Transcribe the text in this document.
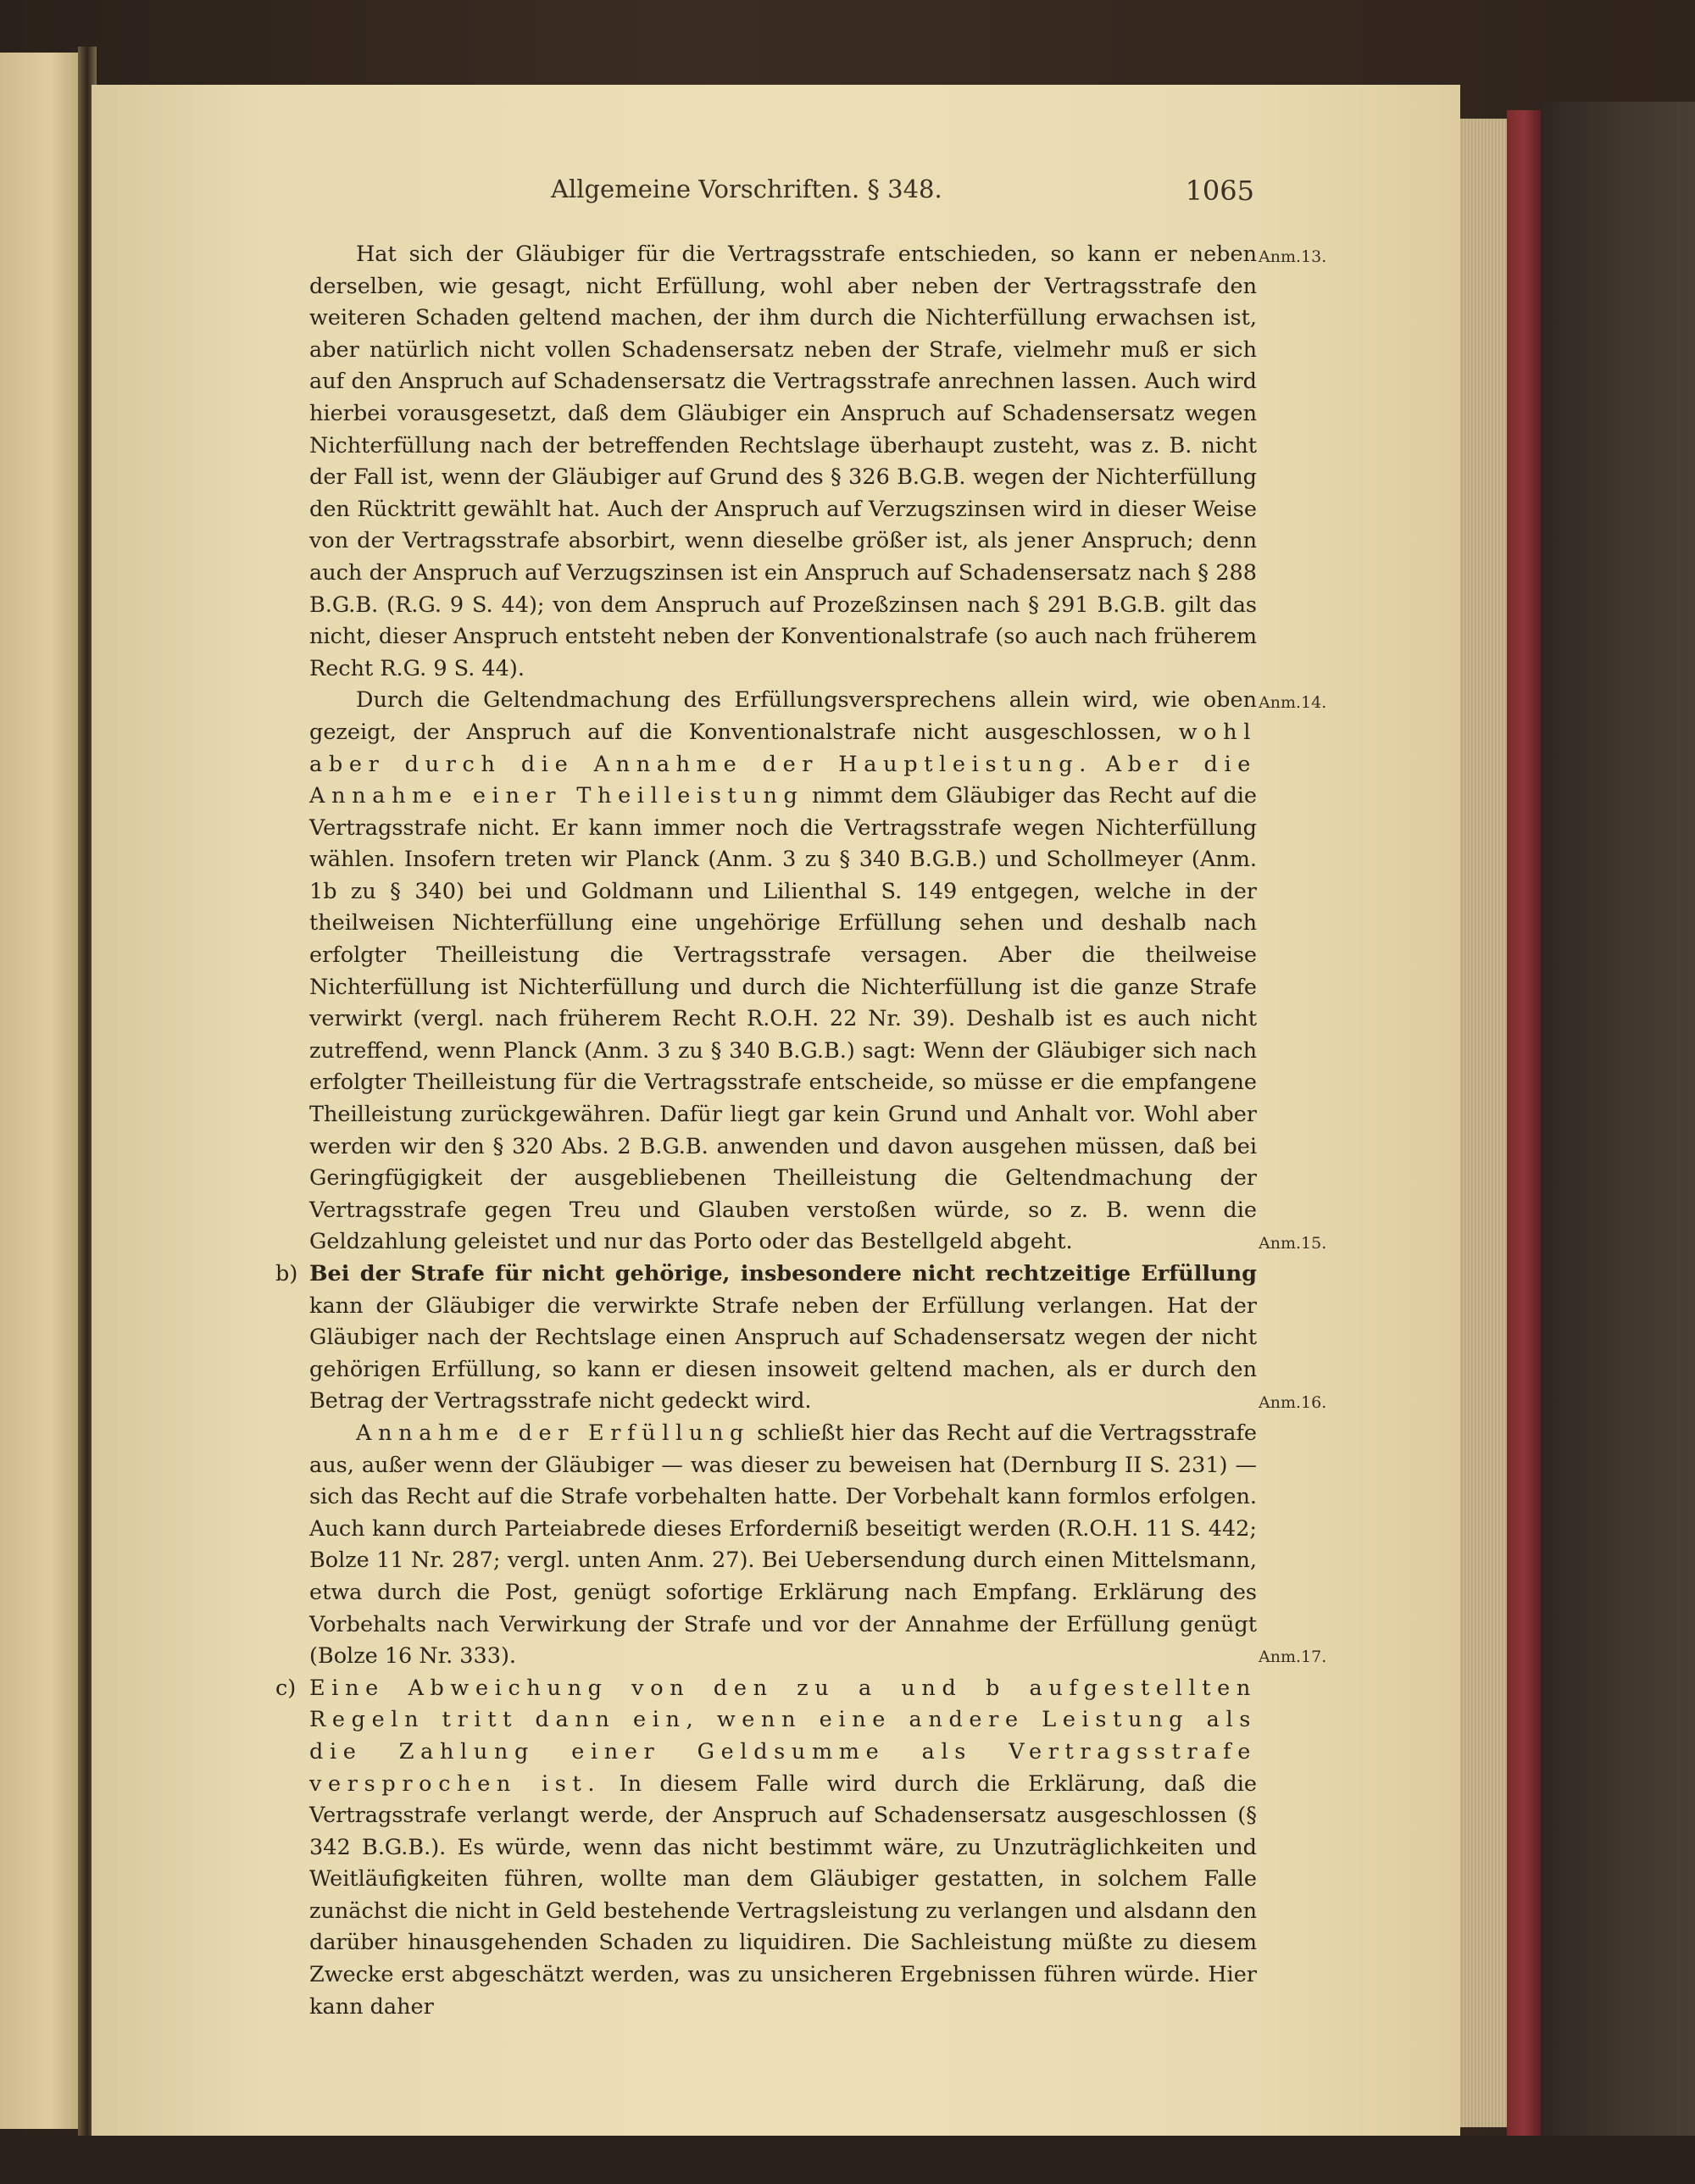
Allgemeine Vorschriften. § 348.	1065
Anm.13.
Anm.14.
Anm.15.
Anm.16.
Anm.17.

Hat sich der Gläubiger für die Vertragsstrafe entschieden, so kann er neben derselben, wie gesagt, nicht Erfüllung, wohl aber neben der Vertragsstrafe den weiteren Schaden geltend machen, der ihm durch die Nichterfüllung erwachsen ist, aber natürlich nicht vollen Schadensersatz neben der Strafe, vielmehr muß er sich auf den Anspruch auf Schadensersatz die Vertragsstrafe anrechnen lassen. Auch wird hierbei vorausgesetzt, daß dem Gläubiger ein Anspruch auf Schadensersatz wegen Nichterfüllung nach der betreffenden Rechtslage überhaupt zusteht, was z. B. nicht der Fall ist, wenn der Gläubiger auf Grund des § 326 B.G.B. wegen der Nichterfüllung den Rücktritt gewählt hat. Auch der Anspruch auf Verzugszinsen wird in dieser Weise von der Vertragsstrafe absorbirt, wenn dieselbe größer ist, als jener Anspruch; denn auch der Anspruch auf Verzugszinsen ist ein Anspruch auf Schadensersatz nach § 288 B.G.B. (R.G. 9 S. 44); von dem Anspruch auf Prozeßzinsen nach § 291 B.G.B. gilt das nicht, dieser Anspruch entsteht neben der Konventionalstrafe (so auch nach früherem Recht R.G. 9 S. 44).

Durch die Geltendmachung des Erfüllungsversprechens allein wird, wie oben gezeigt, der Anspruch auf die Konventionalstrafe nicht ausgeschlossen, wohl aber durch die Annahme der Hauptleistung. Aber die Annahme einer Theilleistung nimmt dem Gläubiger das Recht auf die Vertragsstrafe nicht. Er kann immer noch die Vertragsstrafe wegen Nichterfüllung wählen. Insofern treten wir Planck (Anm. 3 zu § 340 B.G.B.) und Schollmeyer (Anm. 1b zu § 340) bei und Goldmann und Lilienthal S. 149 entgegen, welche in der theilweisen Nichterfüllung eine ungehörige Erfüllung sehen und deshalb nach erfolgter Theilleistung die Vertragsstrafe versagen. Aber die theilweise Nichterfüllung ist Nichterfüllung und durch die Nichterfüllung ist die ganze Strafe verwirkt (vergl. nach früherem Recht R.O.H. 22 Nr. 39). Deshalb ist es auch nicht zutreffend, wenn Planck (Anm. 3 zu § 340 B.G.B.) sagt: Wenn der Gläubiger sich nach erfolgter Theilleistung für die Vertragsstrafe entscheide, so müsse er die empfangene Theilleistung zurückgewähren. Dafür liegt gar kein Grund und Anhalt vor. Wohl aber werden wir den § 320 Abs. 2 B.G.B. anwenden und davon ausgehen müssen, daß bei Geringfügigkeit der ausgebliebenen Theilleistung die Geltendmachung der Vertragsstrafe gegen Treu und Glauben verstoßen würde, so z. B. wenn die Geldzahlung geleistet und nur das Porto oder das Bestellgeld abgeht.

b) Bei der Strafe für nicht gehörige, insbesondere nicht rechtzeitige Erfüllung kann der Gläubiger die verwirkte Strafe neben der Erfüllung verlangen. Hat der Gläubiger nach der Rechtslage einen Anspruch auf Schadensersatz wegen der nicht gehörigen Erfüllung, so kann er diesen insoweit geltend machen, als er durch den Betrag der Vertragsstrafe nicht gedeckt wird.

Annahme der Erfüllung schließt hier das Recht auf die Vertragsstrafe aus, außer wenn der Gläubiger — was dieser zu beweisen hat (Dernburg II S. 231) — sich das Recht auf die Strafe vorbehalten hatte. Der Vorbehalt kann formlos erfolgen. Auch kann durch Parteiabrede dieses Erforderniß beseitigt werden (R.O.H. 11 S. 442; Bolze 11 Nr. 287; vergl. unten Anm. 27). Bei Uebersendung durch einen Mittelsmann, etwa durch die Post, genügt sofortige Erklärung nach Empfang. Erklärung des Vorbehalts nach Verwirkung der Strafe und vor der Annahme der Erfüllung genügt (Bolze 16 Nr. 333).

c) Eine Abweichung von den zu a und b aufgestellten Regeln tritt dann ein, wenn eine andere Leistung als die Zahlung einer Geldsumme als Vertragsstrafe versprochen ist. In diesem Falle wird durch die Erklärung, daß die Vertragsstrafe verlangt werde, der Anspruch auf Schadensersatz ausgeschlossen (§ 342 B.G.B.). Es würde, wenn das nicht bestimmt wäre, zu Unzuträglichkeiten und Weitläufigkeiten führen, wollte man dem Gläubiger gestatten, in solchem Falle zunächst die nicht in Geld bestehende Vertragsleistung zu verlangen und alsdann den darüber hinausgehenden Schaden zu liquidiren. Die Sachleistung müßte zu diesem Zwecke erst abgeschätzt werden, was zu unsicheren Ergebnissen führen würde. Hier kann daher
